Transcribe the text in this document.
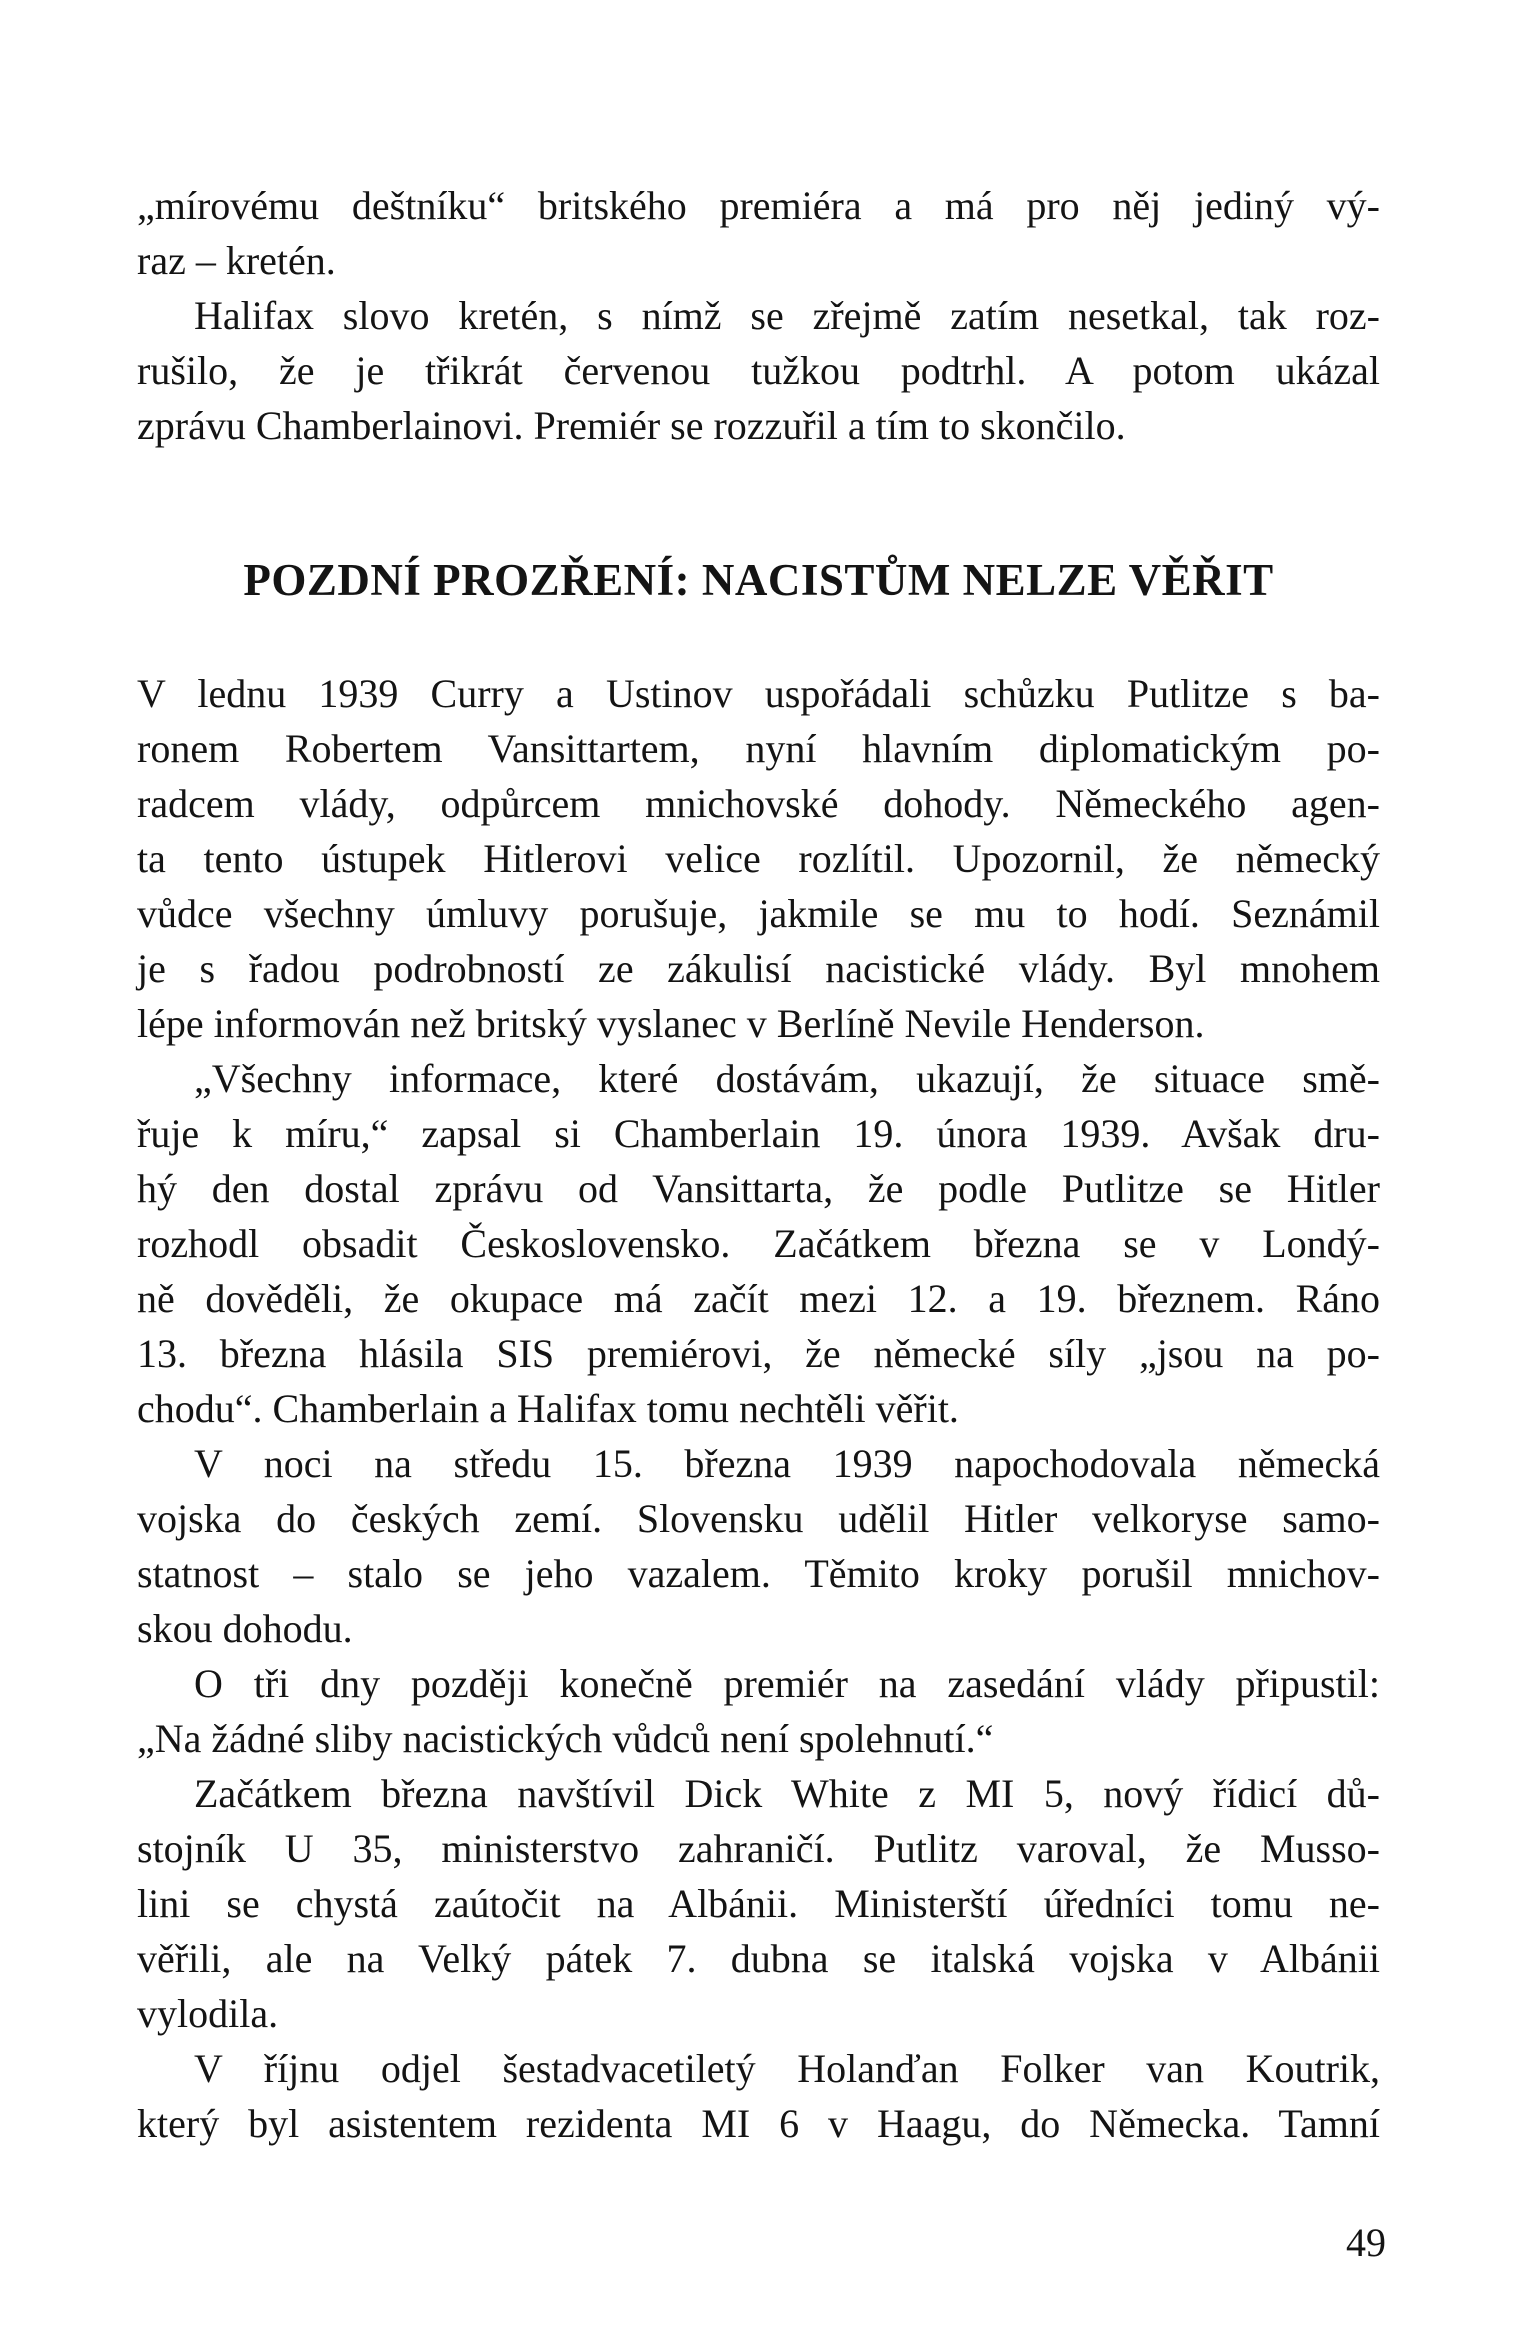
„mírovému deštníku“ britského premiéra a má pro něj jediný vý-
raz – kretén.
Halifax slovo kretén, s nímž se zřejmě zatím nesetkal, tak roz-
rušilo, že je třikrát červenou tužkou podtrhl. A potom ukázal
zprávu Chamberlainovi. Premiér se rozzuřil a tím to skončilo.
POZDNÍ PROZŘENÍ: NACISTŮM NELZE VĚŘIT
V lednu 1939 Curry a Ustinov uspořádali schůzku Putlitze s ba-
ronem Robertem Vansittartem, nyní hlavním diplomatickým po-
radcem vlády, odpůrcem mnichovské dohody. Německého agen-
ta tento ústupek Hitlerovi velice rozlítil. Upozornil, že německý
vůdce všechny úmluvy porušuje, jakmile se mu to hodí. Seznámil
je s řadou podrobností ze zákulisí nacistické vlády. Byl mnohem
lépe informován než britský vyslanec v Berlíně Nevile Henderson.
„Všechny informace, které dostávám, ukazují, že situace smě-
řuje k míru,“ zapsal si Chamberlain 19. února 1939. Avšak dru-
hý den dostal zprávu od Vansittarta, že podle Putlitze se Hitler
rozhodl obsadit Československo. Začátkem března se v Londý-
ně dověděli, že okupace má začít mezi 12. a 19. březnem. Ráno
13. března hlásila SIS premiérovi, že německé síly „jsou na po-
chodu“. Chamberlain a Halifax tomu nechtěli věřit.
V noci na středu 15. března 1939 napochodovala německá
vojska do českých zemí. Slovensku udělil Hitler velkoryse samo-
statnost – stalo se jeho vazalem. Těmito kroky porušil mnichov-
skou dohodu.
O tři dny později konečně premiér na zasedání vlády připustil:
„Na žádné sliby nacistických vůdců není spolehnutí.“
Začátkem března navštívil Dick White z MI 5, nový řídicí dů-
stojník U 35, ministerstvo zahraničí. Putlitz varoval, že Musso-
lini se chystá zaútočit na Albánii. Ministerští úředníci tomu ne-
věřili, ale na Velký pátek 7. dubna se italská vojska v Albánii
vylodila.
V říjnu odjel šestadvacetiletý Holanďan Folker van Koutrik,
který byl asistentem rezidenta MI 6 v Haagu, do Německa. Tamní
49
